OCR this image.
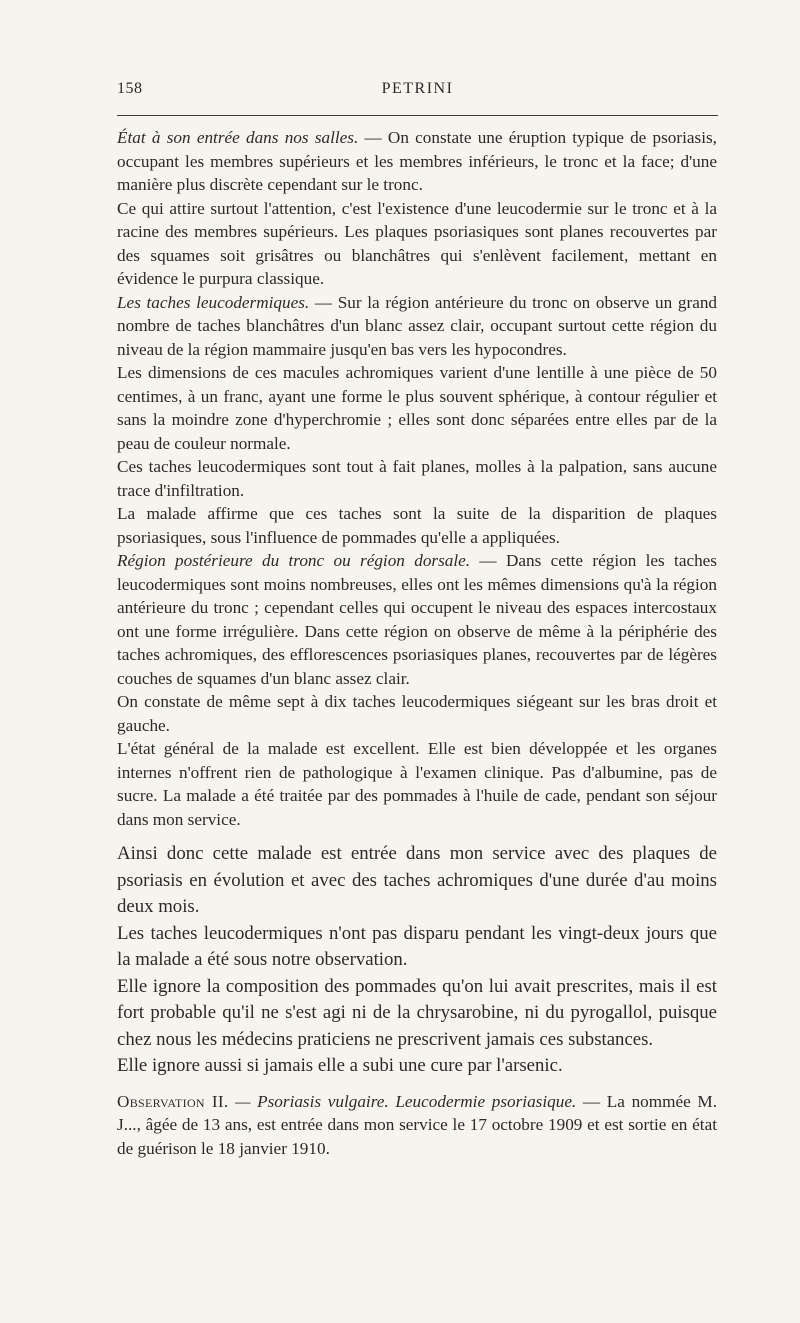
158	PETRINI

État à son entrée dans nos salles. — On constate une éruption typique de psoriasis, occupant les membres supérieurs et les membres inférieurs, le tronc et la face; d'une manière plus discrète cependant sur le tronc.

Ce qui attire surtout l'attention, c'est l'existence d'une leucodermie sur le tronc et à la racine des membres supérieurs. Les plaques psoriasiques sont planes recouvertes par des squames soit grisâtres ou blanchâtres qui s'enlèvent facilement, mettant en évidence le purpura classique.

Les taches leucodermiques. — Sur la région antérieure du tronc on observe un grand nombre de taches blanchâtres d'un blanc assez clair, occupant surtout cette région du niveau de la région mammaire jusqu'en bas vers les hypocondres.

Les dimensions de ces macules achromiques varient d'une lentille à une pièce de 50 centimes, à un franc, ayant une forme le plus souvent sphérique, à contour régulier et sans la moindre zone d'hyperchromie ; elles sont donc séparées entre elles par de la peau de couleur normale.

Ces taches leucodermiques sont tout à fait planes, molles à la palpation, sans aucune trace d'infiltration.

La malade affirme que ces taches sont la suite de la disparition de plaques psoriasiques, sous l'influence de pommades qu'elle a appliquées.

Région postérieure du tronc ou région dorsale. — Dans cette région les taches leucodermiques sont moins nombreuses, elles ont les mêmes dimensions qu'à la région antérieure du tronc ; cependant celles qui occupent le niveau des espaces intercostaux ont une forme irrégulière. Dans cette région on observe de même à la périphérie des taches achromiques, des efflorescences psoriasiques planes, recouvertes par de légères couches de squames d'un blanc assez clair.

On constate de même sept à dix taches leucodermiques siégeant sur les bras droit et gauche.

L'état général de la malade est excellent. Elle est bien développée et les organes internes n'offrent rien de pathologique à l'examen clinique. Pas d'albumine, pas de sucre. La malade a été traitée par des pommades à l'huile de cade, pendant son séjour dans mon service.

Ainsi donc cette malade est entrée dans mon service avec des plaques de psoriasis en évolution et avec des taches achromiques d'une durée d'au moins deux mois.

Les taches leucodermiques n'ont pas disparu pendant les vingt-deux jours que la malade a été sous notre observation.

Elle ignore la composition des pommades qu'on lui avait prescrites, mais il est fort probable qu'il ne s'est agi ni de la chrysarobine, ni du pyrogallol, puisque chez nous les médecins praticiens ne prescrivent jamais ces substances.

Elle ignore aussi si jamais elle a subi une cure par l'arsenic.

Observation II. — Psoriasis vulgaire. Leucodermie psoriasique. — La nommée M. J..., âgée de 13 ans, est entrée dans mon service le 17 octobre 1909 et est sortie en état de guérison le 18 janvier 1910.
